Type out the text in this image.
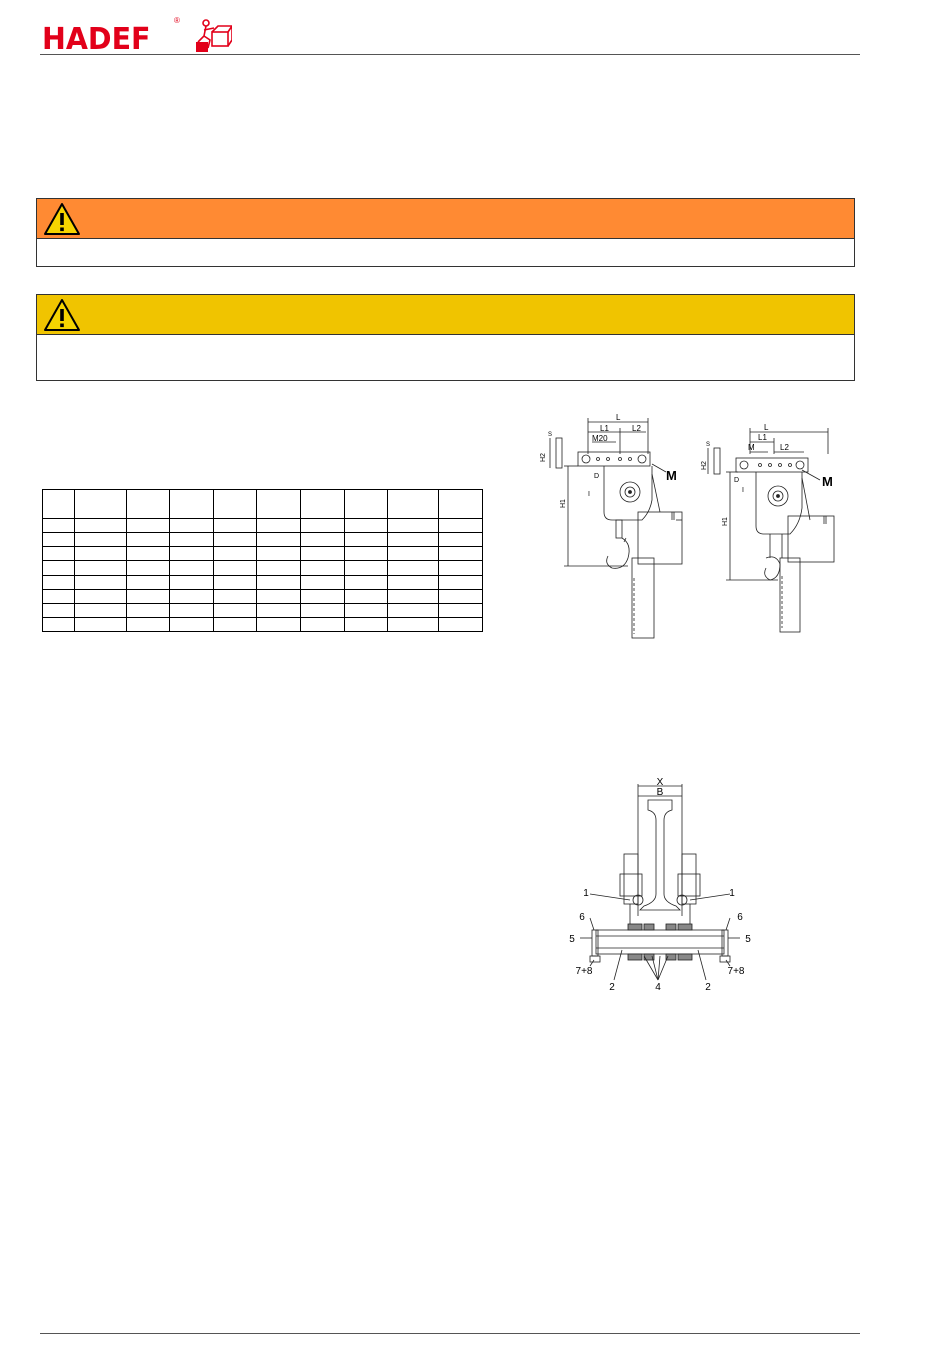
HADEF
®

L
L1	L2
M20
S
H2
H1
D
I
M
L
L1
L2
M
S
H2
H1
D
I
M
X
B
1	1
6	6
5	5
7+8	7+8
2	2
4
